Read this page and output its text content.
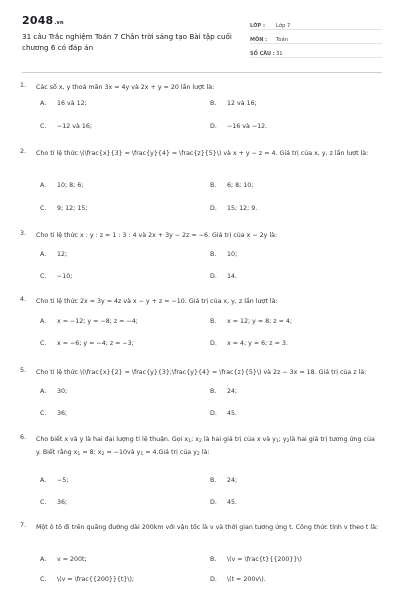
2048.vn
31 câu Trắc nghiệm Toán 7 Chân trời sáng tạo Bài tập cuối chương 6 có đáp án
LỚP :	Lớp 7
MÔN :	Toán
SỐ CÂU : 31
1.	Các số x, y thoả mãn 3x = 4y và 2x + y = 20 lần lượt là:
A. 16 và 12;	B. 12 và 16;
C. −12 và 16;	D. −16 và −12.
2.	Cho tỉ lệ thức \(\frac{x}{3} = \frac{y}{4} = \frac{z}{5}\) và x + y − z = 4. Giá trị của x, y, z lần lượt là:
A. 10; 8; 6;	B. 6; 8; 10;
C. 9; 12; 15;	D. 15; 12; 9.
3.	Cho tỉ lệ thức x : y : z = 1 : 3 : 4 và 2x + 3y − 2z = −6. Giá trị của x − 2y là:
A. 12;	B. 10;
C. −10;	D. 14.
4.	Cho tỉ lệ thức 2x = 3y = 4z và x − y + z = −10. Giá trị của x, y, z lần lượt là:
A. x = −12; y = −8; z = −4;	B. x = 12; y = 8; z = 4;
C. x = −6; y = −4; z = −3;	D. x = 4; y = 6; z = 3.
5.	Cho tỉ lệ thức \(\frac{x}{2} = \frac{y}{3};\frac{y}{4} = \frac{z}{5}\) và 2z − 3x = 18. Giá trị của z là:
A. 30;	B. 24;
C. 36;	D. 45.
6.	Cho biết x và y là hai đại lượng tỉ lệ thuận. Gọi $x_1$; $x_2$ là hai giá trị của x và $y_1$; $y_2là$ hai giá trị tương ứng của y. Biết rằng $x_1 = 8$; $x_2$ = −10và $y_1$ = 4.Giá trị của $y_2$ là:
A. −5;	B. 24;
C. 36;	D. 45.
7.	Một ô tô đi trên quãng đường dài 200km với vận tốc là v và thời gian tương ứng t. Công thức tính v theo t là:
A. v = 200t;	B. \(v = \frac{t}{{200}}\)
C. \(v = \frac{{200}}{t}\);	D. \(t = 200v\).
